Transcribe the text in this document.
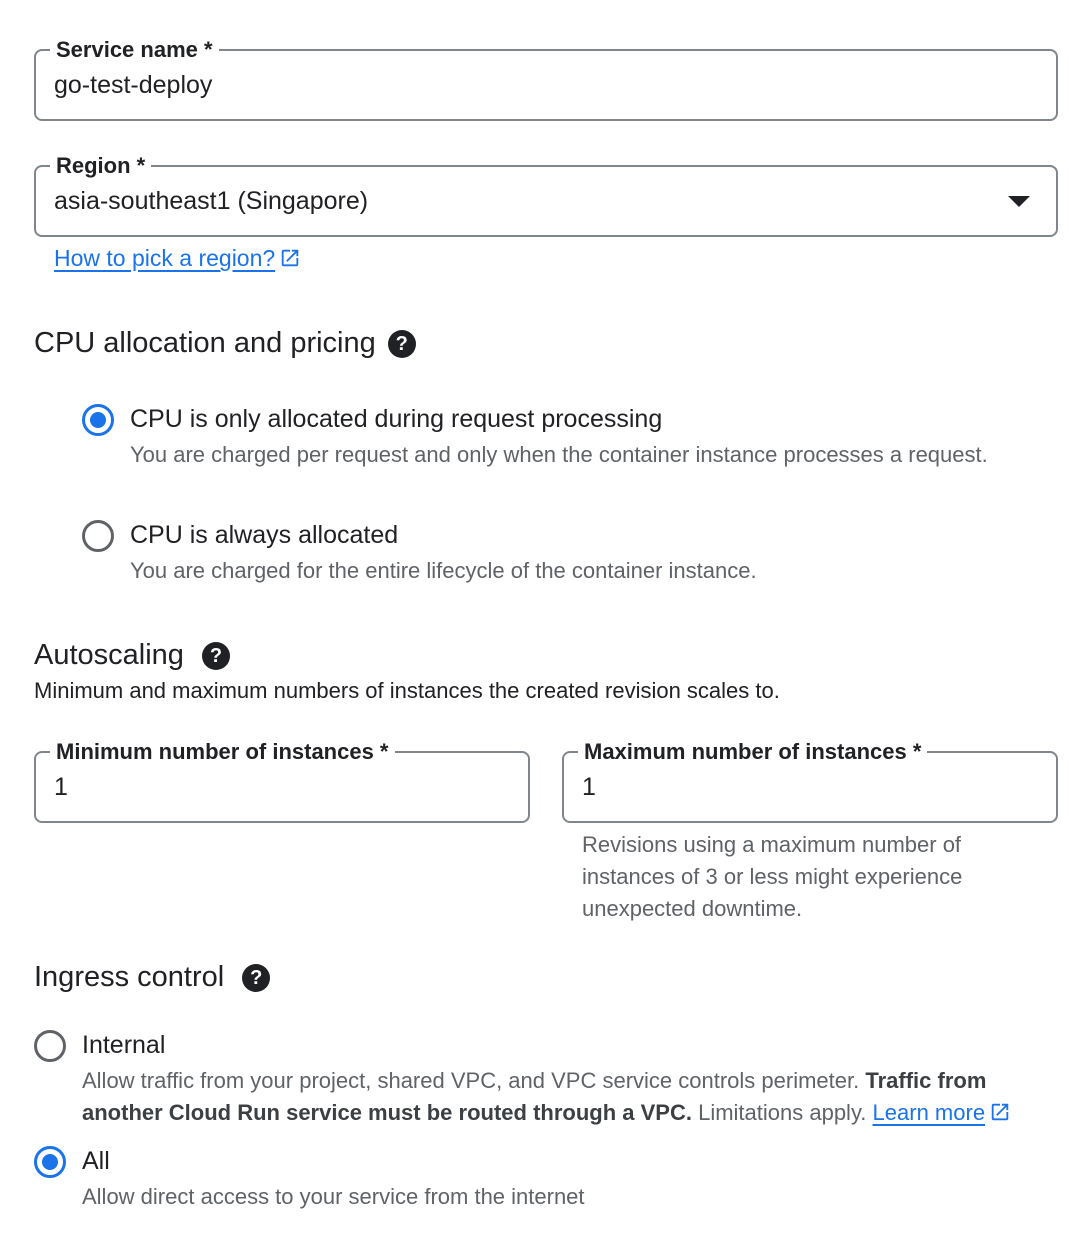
Service name *
go-test-deploy
Region *
asia-southeast1 (Singapore)
How to pick a region?
CPU allocation and pricing ?
CPU is only allocated during request processing
You are charged per request and only when the container instance processes a request.
CPU is always allocated
You are charged for the entire lifecycle of the container instance.
Autoscaling ?
Minimum and maximum numbers of instances the created revision scales to.
Minimum number of instances *
1
Maximum number of instances *
1
Revisions using a maximum number of instances of 3 or less might experience unexpected downtime.
Ingress control ?
Internal
Allow traffic from your project, shared VPC, and VPC service controls perimeter. Traffic from another Cloud Run service must be routed through a VPC. Limitations apply. Learn more
All
Allow direct access to your service from the internet
